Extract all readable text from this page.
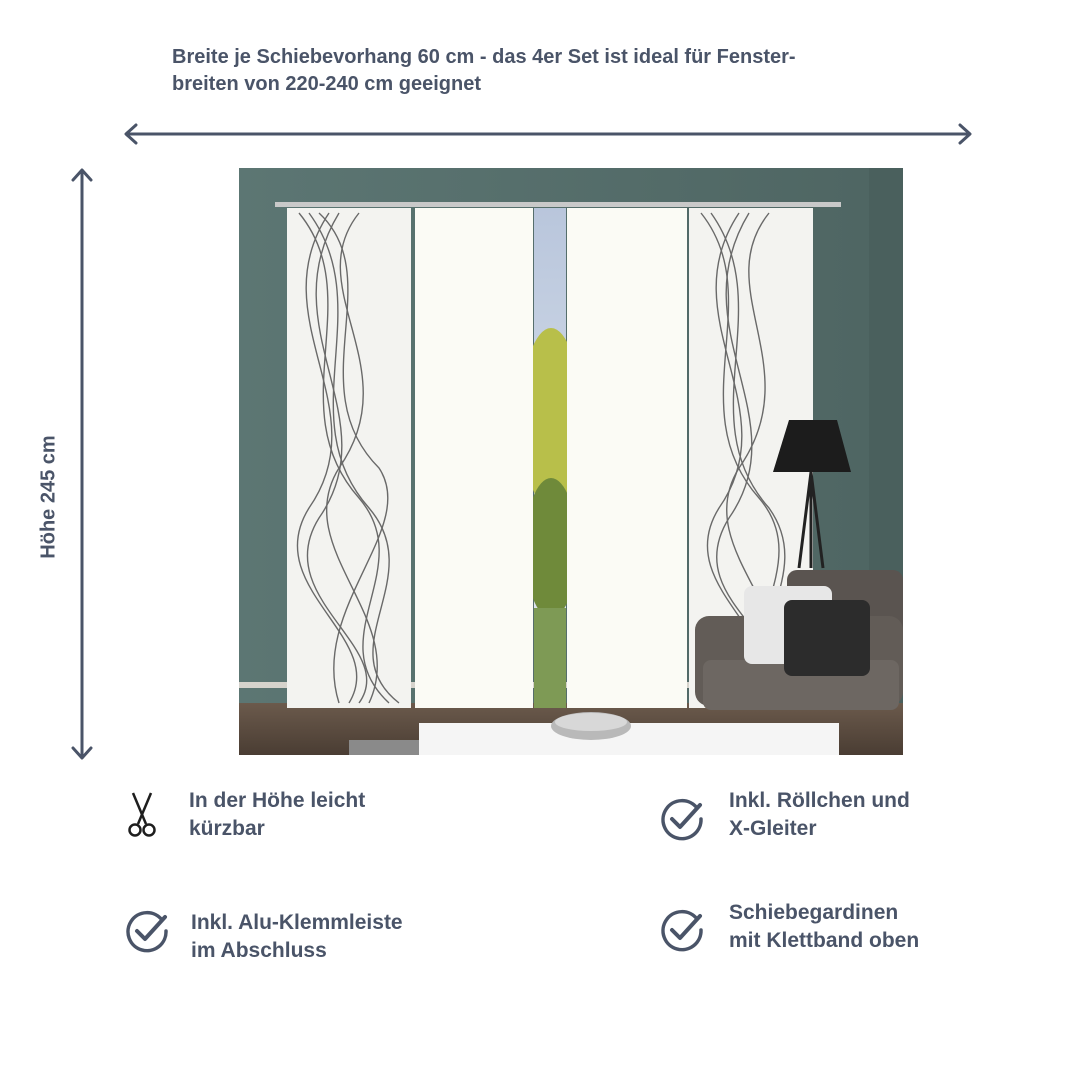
Breite je Schiebevorhang 60 cm - das 4er Set ist ideal für Fenster-
breiten von 220-240 cm geeignet
Höhe 245 cm
In der Höhe leicht
kürzbar
Inkl. Röllchen und
X-Gleiter
Inkl. Alu-Klemmleiste
im Abschluss
Schiebegardinen
mit Klettband oben
